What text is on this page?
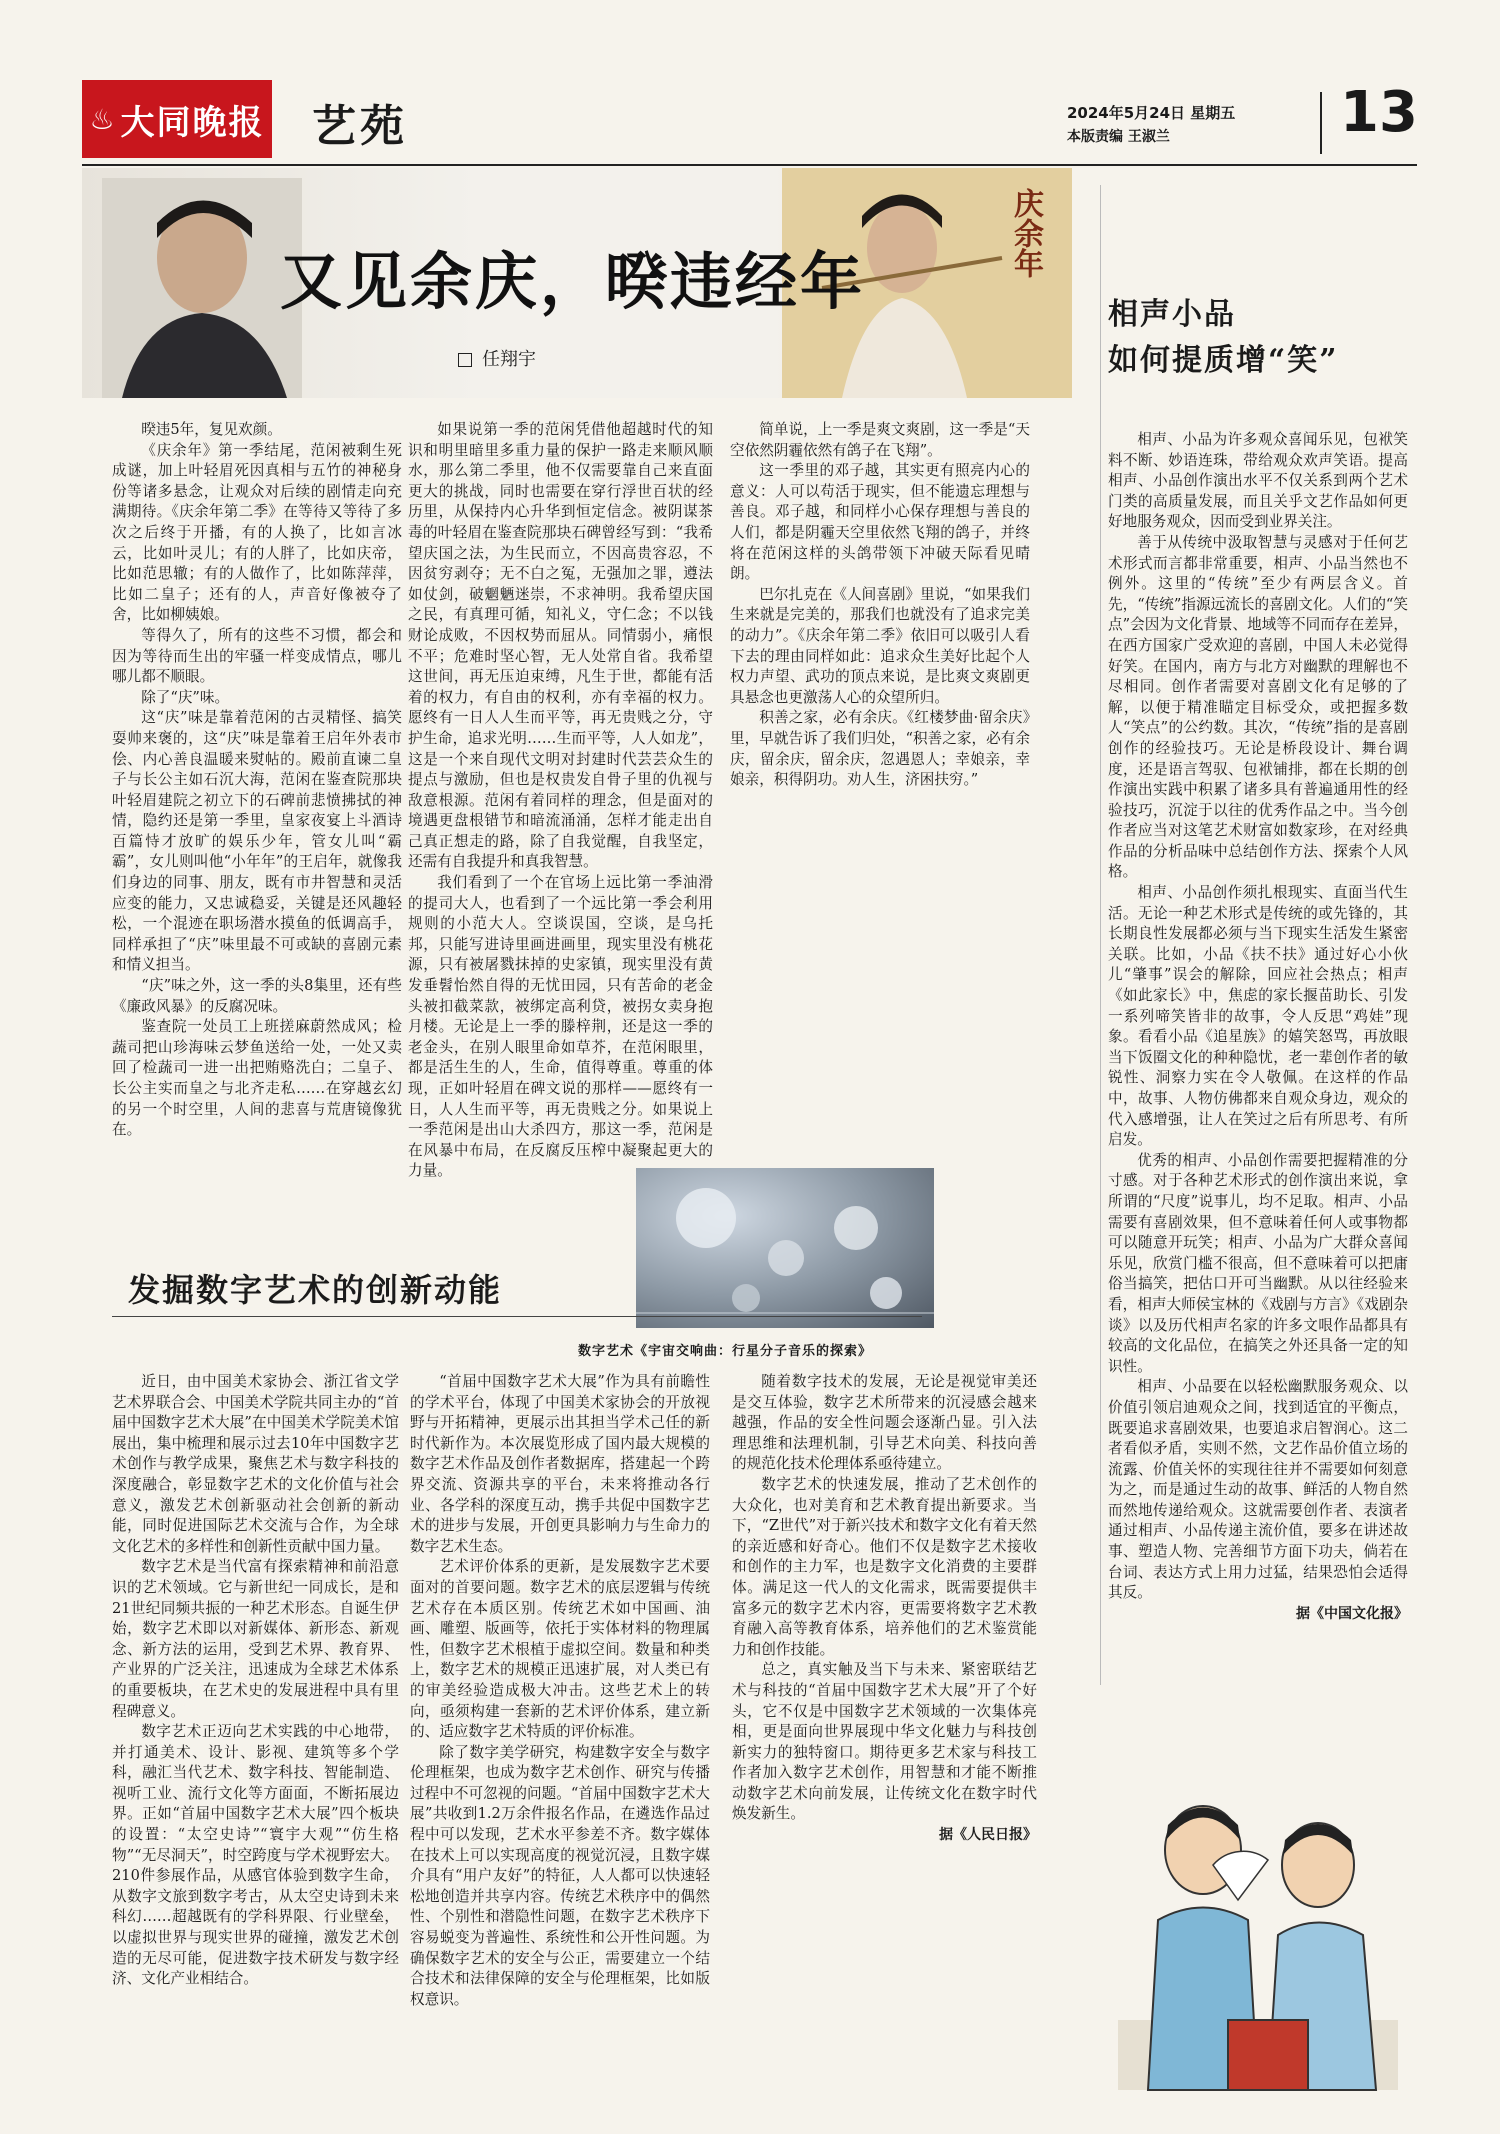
♨ 大同晚报 艺苑	2024年5月24日 星期五
本版责编 王淑兰	13
庆余年
又见余庆，暌违经年
任翔宇
相声小品
如何提质增“笑”

暌违5年，复见欢颜。

《庆余年》第一季结尾，范闲被剩生死成谜，加上叶轻眉死因真相与五竹的神秘身份等诸多悬念，让观众对后续的剧情走向充满期待。《庆余年第二季》在等待又等待了多次之后终于开播，有的人换了，比如言冰云，比如叶灵儿；有的人胖了，比如庆帝，比如范思辙；有的人做作了，比如陈萍萍，比如二皇子；还有的人，声音好像被夺了舍，比如柳姨娘。

等得久了，所有的这些不习惯，都会和因为等待而生出的牢骚一样变成情点，哪儿哪儿都不顺眼。

除了“庆”味。

这“庆”味是靠着范闲的古灵精怪、搞笑耍帅来褒的，这“庆”味是靠着王启年外表市侩、内心善良温暖来熨帖的。殿前直谏二皇子与长公主如石沉大海，范闲在鉴查院那块叶轻眉建院之初立下的石碑前悲愤拂拭的神情，隐约还是第一季里，皇家夜宴上斗酒诗百篇恃才放旷的娱乐少年，管女儿叫“霸霸”，女儿则叫他“小年年”的王启年，就像我们身边的同事、朋友，既有市井智慧和灵活应变的能力，又忠诚稳妥，关键是还风趣轻松，一个混迹在职场潜水摸鱼的低调高手，同样承担了“庆”味里最不可或缺的喜剧元素和情义担当。

“庆”味之外，这一季的头8集里，还有些《廉政风暴》的反腐况味。

鉴查院一处员工上班搓麻蔚然成风；检蔬司把山珍海味云梦鱼送给一处，一处又卖回了检蔬司一进一出把贿赂洗白；二皇子、长公主实而皇之与北齐走私……在穿越玄幻的另一个时空里，人间的悲喜与荒唐镜像犹在。

如果说第一季的范闲凭借他超越时代的知识和明里暗里多重力量的保护一路走来顺风顺水，那么第二季里，他不仅需要靠自己来直面更大的挑战，同时也需要在穿行浮世百状的经历里，从保持内心升华到恒定信念。被阴谋茶毒的叶轻眉在鉴查院那块石碑曾经写到：“我希望庆国之法，为生民而立，不因高贵容忍，不因贫穷剥夺；无不白之冤，无强加之罪，遵法如仗剑，破魍魉迷崇，不求神明。我希望庆国之民，有真理可循，知礼义，守仁念；不以钱财论成败，不因权势而屈从。同情弱小，痛恨不平；危难时坚心智，无人处常自省。我希望这世间，再无压迫束缚，凡生于世，都能有活着的权力，有自由的权利，亦有幸福的权力。愿终有一日人人生而平等，再无贵贱之分，守护生命，追求光明……生而平等，人人如龙”，这是一个来自现代文明对封建时代芸芸众生的提点与激励，但也是权贵发自骨子里的仇视与敌意根源。范闲有着同样的理念，但是面对的境遇更盘根错节和暗流涌涌，怎样才能走出自己真正想走的路，除了自我觉醒，自我坚定，还需有自我提升和真我智慧。

我们看到了一个在官场上远比第一季油滑的提司大人，也看到了一个远比第一季会利用规则的小范大人。空谈误国，空谈，是乌托邦，只能写进诗里画进画里，现实里没有桃花源，只有被屠戮抹掉的史家镇，现实里没有黄发垂髫怡然自得的无忧田园，只有苦命的老金头被扣截菜款，被绑定高利贷，被拐女卖身抱月楼。无论是上一季的滕梓荆，还是这一季的老金头，在别人眼里命如草芥，在范闲眼里，都是活生生的人，生命，值得尊重。尊重的体现，正如叶轻眉在碑文说的那样——愿终有一日，人人生而平等，再无贵贱之分。如果说上一季范闲是出山大杀四方，那这一季，范闲是在风暴中布局，在反腐反压榨中凝聚起更大的力量。

简单说，上一季是爽文爽剧，这一季是“天空依然阴霾依然有鸽子在飞翔”。

这一季里的邓子越，其实更有照亮内心的意义：人可以苟活于现实，但不能遗忘理想与善良。邓子越，和同样小心保存理想与善良的人们，都是阴霾天空里依然飞翔的鸽子，并终将在范闲这样的头鸽带领下冲破天际看见晴朗。

巴尔扎克在《人间喜剧》里说，“如果我们生来就是完美的，那我们也就没有了追求完美的动力”。《庆余年第二季》依旧可以吸引人看下去的理由同样如此：追求众生美好比起个人权力声望、武功的顶点来说，是比爽文爽剧更具悬念也更激荡人心的众望所归。

积善之家，必有余庆。《红楼梦曲·留余庆》里，早就告诉了我们归处，“积善之家，必有余庆，留余庆，留余庆，忽遇恩人；幸娘亲，幸娘亲，积得阴功。劝人生，济困扶穷。”

相声、小品为许多观众喜闻乐见，包袱笑料不断、妙语连珠，带给观众欢声笑语。提高相声、小品创作演出水平不仅关系到两个艺术门类的高质量发展，而且关乎文艺作品如何更好地服务观众，因而受到业界关注。

善于从传统中汲取智慧与灵感对于任何艺术形式而言都非常重要，相声、小品当然也不例外。这里的“传统”至少有两层含义。首先，“传统”指源远流长的喜剧文化。人们的“笑点”会因为文化背景、地域等不同而存在差异，在西方国家广受欢迎的喜剧，中国人未必觉得好笑。在国内，南方与北方对幽默的理解也不尽相同。创作者需要对喜剧文化有足够的了解，以便于精准瞄定目标受众，或把握多数人“笑点”的公约数。其次，“传统”指的是喜剧创作的经验技巧。无论是桥段设计、舞台调度，还是语言驾驭、包袱铺排，都在长期的创作演出实践中积累了诸多具有普遍通用性的经验技巧，沉淀于以往的优秀作品之中。当今创作者应当对这笔艺术财富如数家珍，在对经典作品的分析品味中总结创作方法、探索个人风格。

相声、小品创作须扎根现实、直面当代生活。无论一种艺术形式是传统的或先锋的，其长期良性发展都必须与当下现实生活发生紧密关联。比如，小品《扶不扶》通过好心小伙儿“肇事”误会的解除，回应社会热点；相声《如此家长》中，焦虑的家长揠苗助长、引发一系列啼笑皆非的故事，令人反思“鸡娃”现象。看看小品《追星族》的嬉笑怒骂，再放眼当下饭圈文化的种种隐忧，老一辈创作者的敏锐性、洞察力实在令人敬佩。在这样的作品中，故事、人物仿佛都来自观众身边，观众的代入感增强，让人在笑过之后有所思考、有所启发。

优秀的相声、小品创作需要把握精准的分寸感。对于各种艺术形式的创作演出来说，拿所谓的“尺度”说事儿，均不足取。相声、小品需要有喜剧效果，但不意味着任何人或事物都可以随意开玩笑；相声、小品为广大群众喜闻乐见，欣赏门槛不很高，但不意味着可以把庸俗当搞笑，把估口开可当幽默。从以往经验来看，相声大师侯宝林的《戏剧与方言》《戏剧杂谈》以及历代相声名家的许多文哏作品都具有较高的文化品位，在搞笑之外还具备一定的知识性。

相声、小品要在以轻松幽默服务观众、以价值引领启迪观众之间，找到适宜的平衡点，既要追求喜剧效果，也要追求启智润心。这二者看似矛盾，实则不然，文艺作品价值立场的流露、价值关怀的实现往往并不需要如何刻意为之，而是通过生动的故事、鲜活的人物自然而然地传递给观众。这就需要创作者、表演者通过相声、小品传递主流价值，要多在讲述故事、塑造人物、完善细节方面下功夫，倘若在台词、表达方式上用力过猛，结果恐怕会适得其反。

据《中国文化报》
发掘数字艺术的创新动能
数字艺术《宇宙交响曲：行星分子音乐的探索》

近日，由中国美术家协会、浙江省文学艺术界联合会、中国美术学院共同主办的“首届中国数字艺术大展”在中国美术学院美术馆展出，集中梳理和展示过去10年中国数字艺术创作与教学成果，聚焦艺术与数字科技的深度融合，彰显数字艺术的文化价值与社会意义，激发艺术创新驱动社会创新的新动能，同时促进国际艺术交流与合作，为全球文化艺术的多样性和创新性贡献中国力量。

数字艺术是当代富有探索精神和前沿意识的艺术领域。它与新世纪一同成长，是和21世纪同频共振的一种艺术形态。自诞生伊始，数字艺术即以对新媒体、新形态、新观念、新方法的运用，受到艺术界、教育界、产业界的广泛关注，迅速成为全球艺术体系的重要板块，在艺术史的发展进程中具有里程碑意义。

数字艺术正迈向艺术实践的中心地带，并打通美术、设计、影视、建筑等多个学科，融汇当代艺术、数字科技、智能制造、视听工业、流行文化等方面面，不断拓展边界。正如“首届中国数字艺术大展”四个板块的设置：“太空史诗”“寰宇大观”“仿生格物”“无尽洞天”，时空跨度与学术视野宏大。210件参展作品，从感官体验到数字生命，从数字文旅到数字考古，从太空史诗到未来科幻……超越既有的学科界限、行业壁垒，以虚拟世界与现实世界的碰撞，激发艺术创造的无尽可能，促进数字技术研发与数字经济、文化产业相结合。

“首届中国数字艺术大展”作为具有前瞻性的学术平台，体现了中国美术家协会的开放视野与开拓精神，更展示出其担当学术己任的新时代新作为。本次展览形成了国内最大规模的数字艺术作品及创作者数据库，搭建起一个跨界交流、资源共享的平台，未来将推动各行业、各学科的深度互动，携手共促中国数字艺术的进步与发展，开创更具影响力与生命力的数字艺术生态。

艺术评价体系的更新，是发展数字艺术要面对的首要问题。数字艺术的底层逻辑与传统艺术存在本质区别。传统艺术如中国画、油画、雕塑、版画等，依托于实体材料的物理属性，但数字艺术根植于虚拟空间。数量和种类上，数字艺术的规模正迅速扩展，对人类已有的审美经验造成极大冲击。这些艺术上的转向，亟须构建一套新的艺术评价体系，建立新的、适应数字艺术特质的评价标准。

除了数字美学研究，构建数字安全与数字伦理框架，也成为数字艺术创作、研究与传播过程中不可忽视的问题。“首届中国数字艺术大展”共收到1.2万余件报名作品，在遴选作品过程中可以发现，艺术水平参差不齐。数字媒体在技术上可以实现高度的视觉沉浸，且数字媒介具有“用户友好”的特征，人人都可以快速轻松地创造并共享内容。传统艺术秩序中的偶然性、个别性和潜隐性问题，在数字艺术秩序下容易蜕变为普遍性、系统性和公开性问题。为确保数字艺术的安全与公正，需要建立一个结合技术和法律保障的安全与伦理框架，比如版权意识。

随着数字技术的发展，无论是视觉审美还是交互体验，数字艺术所带来的沉浸感会越来越强，作品的安全性问题会逐渐凸显。引入法理思维和法理机制，引导艺术向美、科技向善的规范化技术伦理体系亟待建立。

数字艺术的快速发展，推动了艺术创作的大众化，也对美育和艺术教育提出新要求。当下，“Z世代”对于新兴技术和数字文化有着天然的亲近感和好奇心。他们不仅是数字艺术接收和创作的主力军，也是数字文化消费的主要群体。满足这一代人的文化需求，既需要提供丰富多元的数字艺术内容，更需要将数字艺术教育融入高等教育体系，培养他们的艺术鉴赏能力和创作技能。

总之，真实触及当下与未来、紧密联结艺术与科技的“首届中国数字艺术大展”开了个好头，它不仅是中国数字艺术领域的一次集体亮相，更是面向世界展现中华文化魅力与科技创新实力的独特窗口。期待更多艺术家与科技工作者加入数字艺术创作，用智慧和才能不断推动数字艺术向前发展，让传统文化在数字时代焕发新生。

据《人民日报》
